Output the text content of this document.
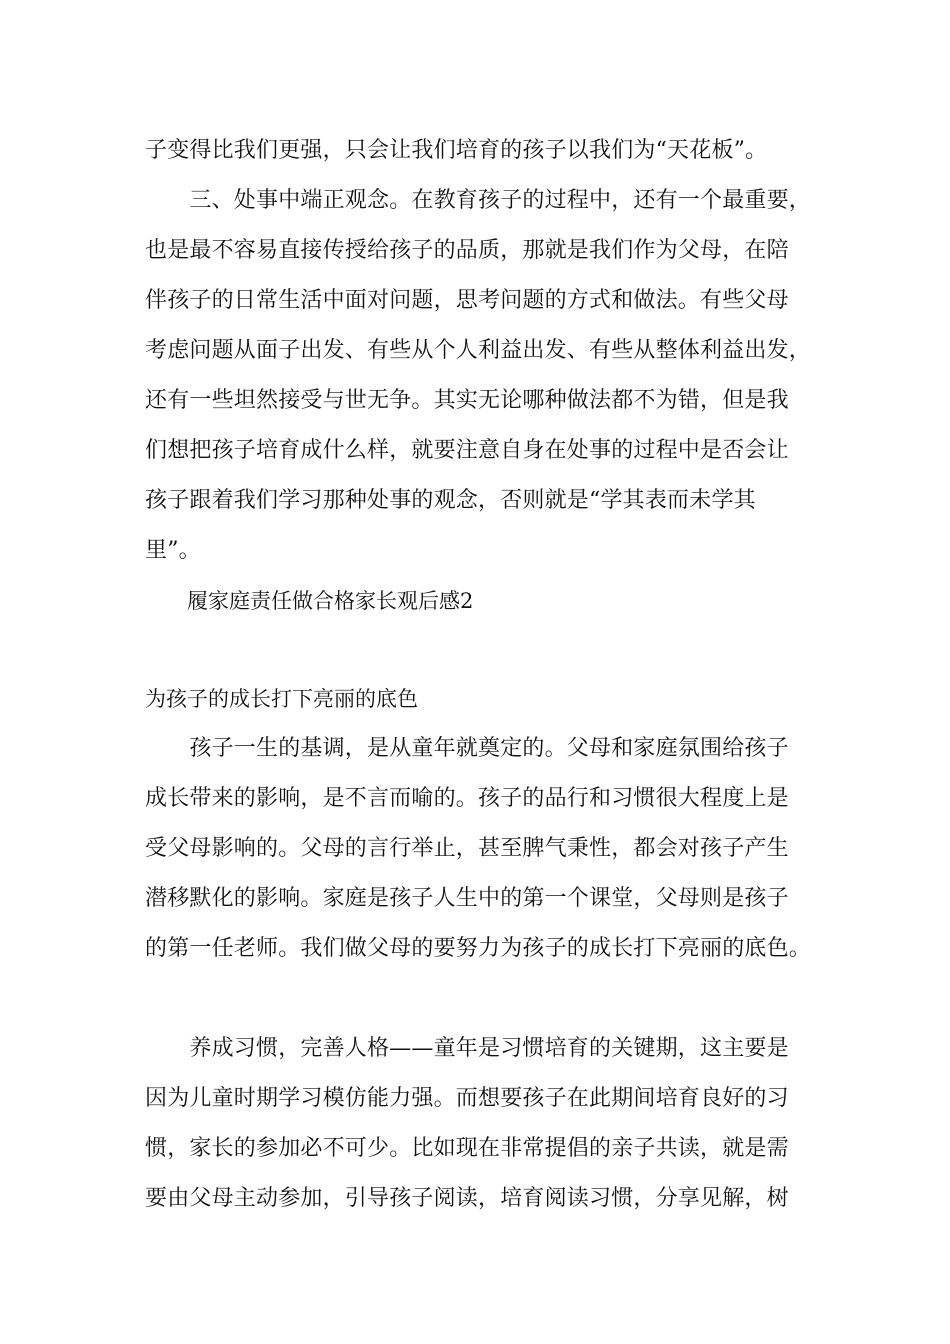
子变得比我们更强，只会让我们培育的孩子以我们为“天花板”。
　　三、处事中端正观念。在教育孩子的过程中，还有一个最重要，
也是最不容易直接传授给孩子的品质，那就是我们作为父母，在陪
伴孩子的日常生活中面对问题，思考问题的方式和做法。有些父母
考虑问题从面子出发、有些从个人利益出发、有些从整体利益出发，
还有一些坦然接受与世无争。其实无论哪种做法都不为错，但是我
们想把孩子培育成什么样，就要注意自身在处事的过程中是否会让
孩子跟着我们学习那种处事的观念，否则就是“学其表而未学其
里”。
　　履家庭责任做合格家长观后感2
为孩子的成长打下亮丽的底色
　　孩子一生的基调，是从童年就奠定的。父母和家庭氛围给孩子
成长带来的影响，是不言而喻的。孩子的品行和习惯很大程度上是
受父母影响的。父母的言行举止，甚至脾气秉性，都会对孩子产生
潜移默化的影响。家庭是孩子人生中的第一个课堂，父母则是孩子
的第一任老师。我们做父母的要努力为孩子的成长打下亮丽的底色。
　　养成习惯，完善人格——童年是习惯培育的关键期，这主要是
因为儿童时期学习模仿能力强。而想要孩子在此期间培育良好的习
惯，家长的参加必不可少。比如现在非常提倡的亲子共读，就是需
要由父母主动参加，引导孩子阅读，培育阅读习惯，分享见解，树
